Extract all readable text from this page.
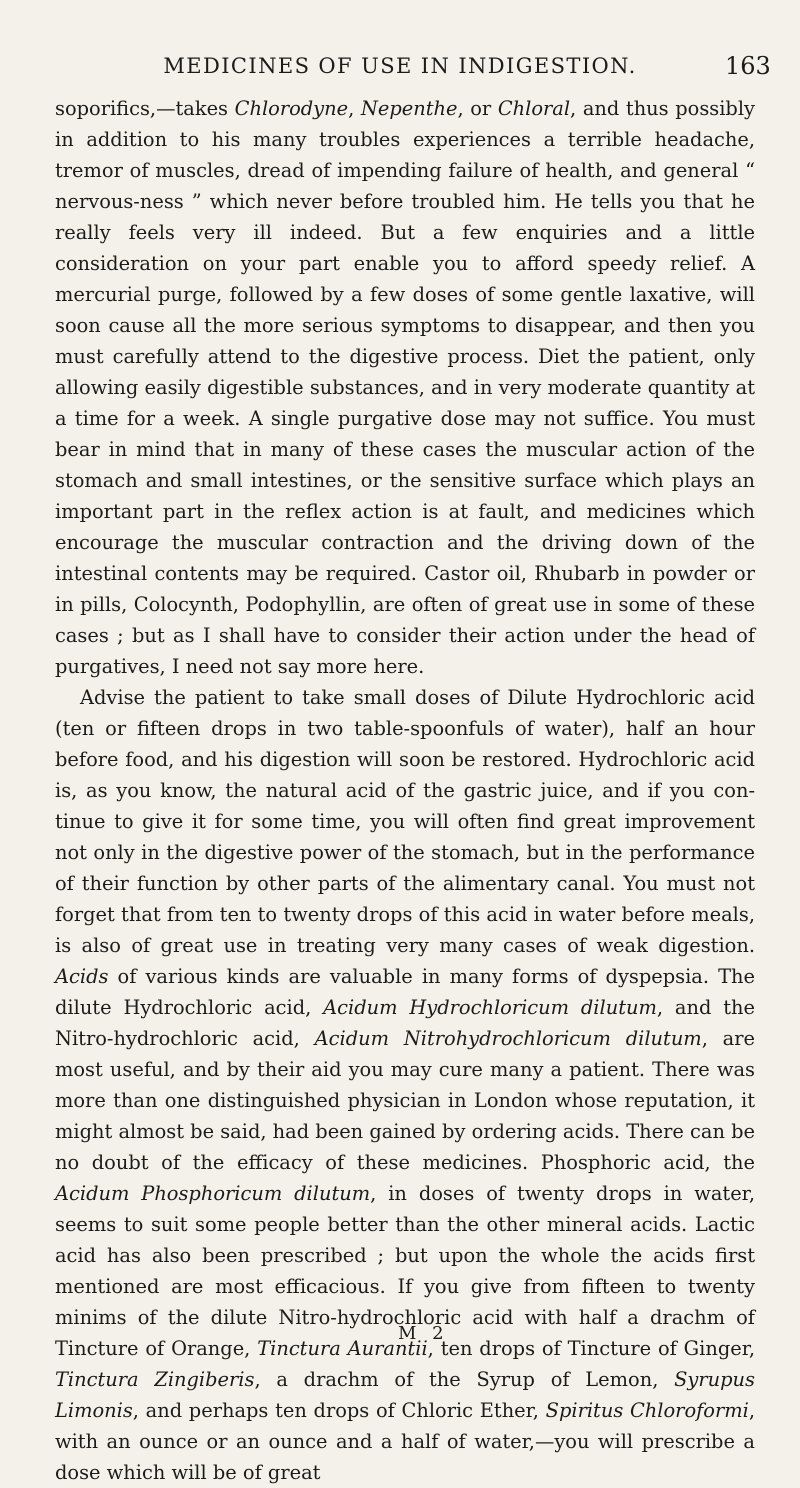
MEDICINES OF USE IN INDIGESTION.	163

soporifics,—takes Chlorodyne, Nepenthe, or Chloral, and thus possibly in addition to his many troubles experiences a terrible headache, tremor of muscles, dread of impending failure of health, and general “ nervous-ness ” which never before troubled him. He tells you that he really feels very ill indeed. But a few enquiries and a little consideration on your part enable you to afford speedy relief. A mercurial purge, followed by a few doses of some gentle laxative, will soon cause all the more serious symptoms to disappear, and then you must carefully attend to the digestive process. Diet the patient, only allowing easily digestible substances, and in very moderate quantity at a time for a week. A single purgative dose may not suffice. You must bear in mind that in many of these cases the muscular action of the stomach and small intestines, or the sensitive surface which plays an important part in the reflex action is at fault, and medicines which encourage the muscular contraction and the driving down of the intestinal contents may be required. Castor oil, Rhubarb in powder or in pills, Colocynth, Podophyllin, are often of great use in some of these cases ; but as I shall have to consider their action under the head of purgatives, I need not say more here.

Advise the patient to take small doses of Dilute Hydrochloric acid (ten or fifteen drops in two table-spoonfuls of water), half an hour before food, and his digestion will soon be restored. Hydrochloric acid is, as you know, the natural acid of the gastric juice, and if you con-tinue to give it for some time, you will often find great improvement not only in the digestive power of the stomach, but in the performance of their function by other parts of the alimentary canal. You must not forget that from ten to twenty drops of this acid in water before meals, is also of great use in treating very many cases of weak digestion. Acids of various kinds are valuable in many forms of dyspepsia. The dilute Hydrochloric acid, Acidum Hydrochloricum dilutum, and the Nitro-hydrochloric acid, Acidum Nitrohydrochloricum dilutum, are most useful, and by their aid you may cure many a patient. There was more than one distinguished physician in London whose reputation, it might almost be said, had been gained by ordering acids. There can be no doubt of the efficacy of these medicines. Phosphoric acid, the Acidum Phosphoricum dilutum, in doses of twenty drops in water, seems to suit some people better than the other mineral acids. Lactic acid has also been prescribed ; but upon the whole the acids first mentioned are most efficacious. If you give from fifteen to twenty minims of the dilute Nitro-hydrochloric acid with half a drachm of Tincture of Orange, Tinctura Aurantii, ten drops of Tincture of Ginger, Tinctura Zingiberis, a drachm of the Syrup of Lemon, Syrupus Limonis, and perhaps ten drops of Chloric Ether, Spiritus Chloroformi, with an ounce or an ounce and a half of water,—you will prescribe a dose which will be of great

M 2
